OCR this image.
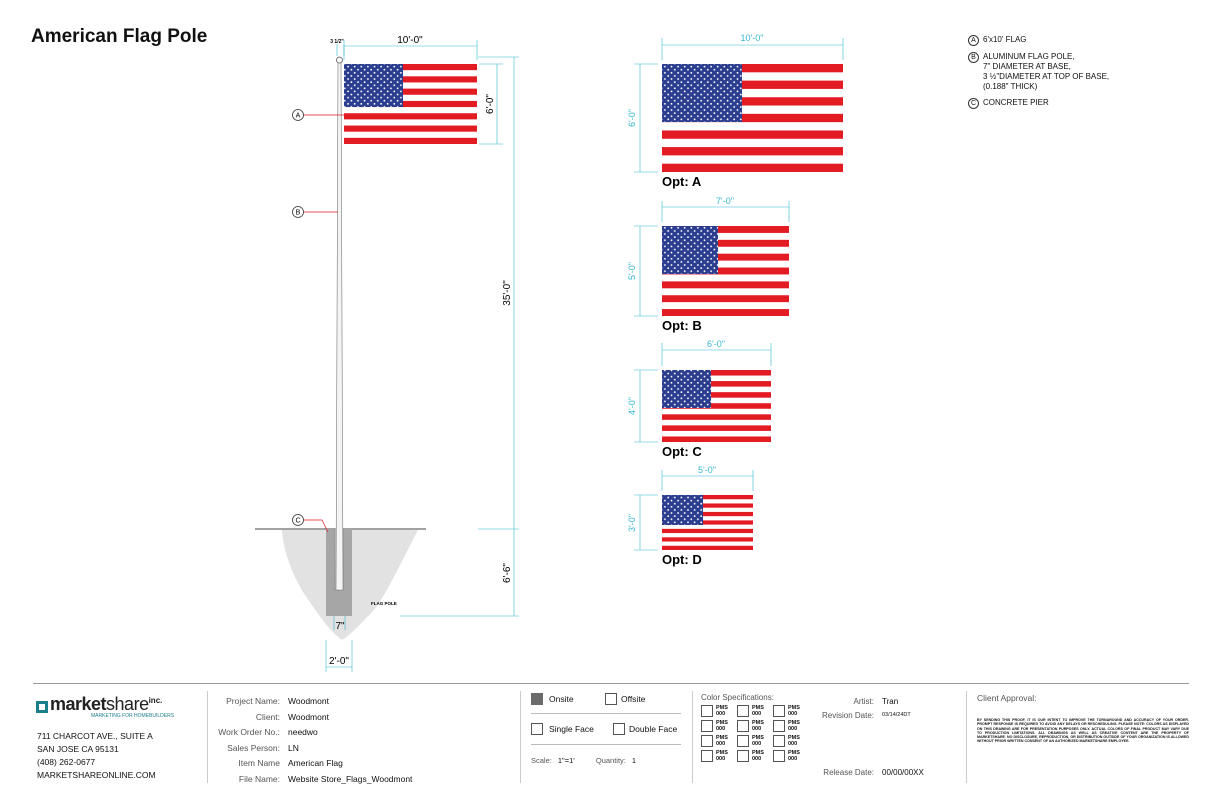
American Flag Pole
A
B
C
3 1/2"	10'-0"
6'-0"
35'-0"
6'-6"
7"
2'-0"
FLAG POLE
10'-0"
6'-0"
Opt: A
7'-0"
5'-0"
Opt: B
6'-0"
4'-0"
Opt: C
5'-0"
3'-0"
Opt: D
A 6'x10' FLAG
B ALUMINUM FLAG POLE,
7" DIAMETER AT BASE,
3 ½"DIAMETER AT TOP OF BASE,
(0.188" THICK)
C CONCRETE PIER
market share inc.
MARKETING FOR HOMEBUILDERS
711 CHARCOT AVE., SUITE A
SAN JOSE CA 95131
(408) 262-0677
MARKETSHAREONLINE.COM
Project Name: Woodmont
Client: Woodmont
Work Order No.: needwo
Sales Person: LN
Item Name American Flag
File Name: Website Store_Flags_Woodmont
Onsite	Offsite
Single Face	Double Face
Scale: 1"=1'	Quantity: 1
Color Specifications:
PMS
000
PMS
000
PMS
000
PMS
000
PMS
000
PMS
000
PMS
000
PMS
000
PMS
000
PMS
000
PMS
000
PMS
000
Artist: Tran
Revision Date: 03/14/24DT
Release Date: 00/00/00XX
Client Approval:
BY SENDING THIS PROOF, IT IS OUR INTENT TO IMPROVE THE TURNAROUND AND ACCURACY OF YOUR ORDER. PROMPT RESPONSE IS REQUIRED TO AVOID ANY DELAYS OR RESCHEDULING. PLEASE NOTE: COLORS AS DISPLAYED ON THIS DRAWING ARE FOR PRESENTATION PURPOSES ONLY. ACTUAL COLORS OF FINAL PRODUCT MAY VARY DUE TO PRODUCTION LIMITATIONS. ALL DRAWINGS AS WELL AS CREATIVE CONTENT ARE THE PROPERTY OF MARKETSHARE. NO DISCLOSURE, REPRODUCTION, OR DISTRIBUTION OUTSIDE OF YOUR ORGANIZATION IS ALLOWED WITHOUT PRIOR WRITTEN CONSENT OF AN AUTHORIZED MARKETSHARE EMPLOYEE.
